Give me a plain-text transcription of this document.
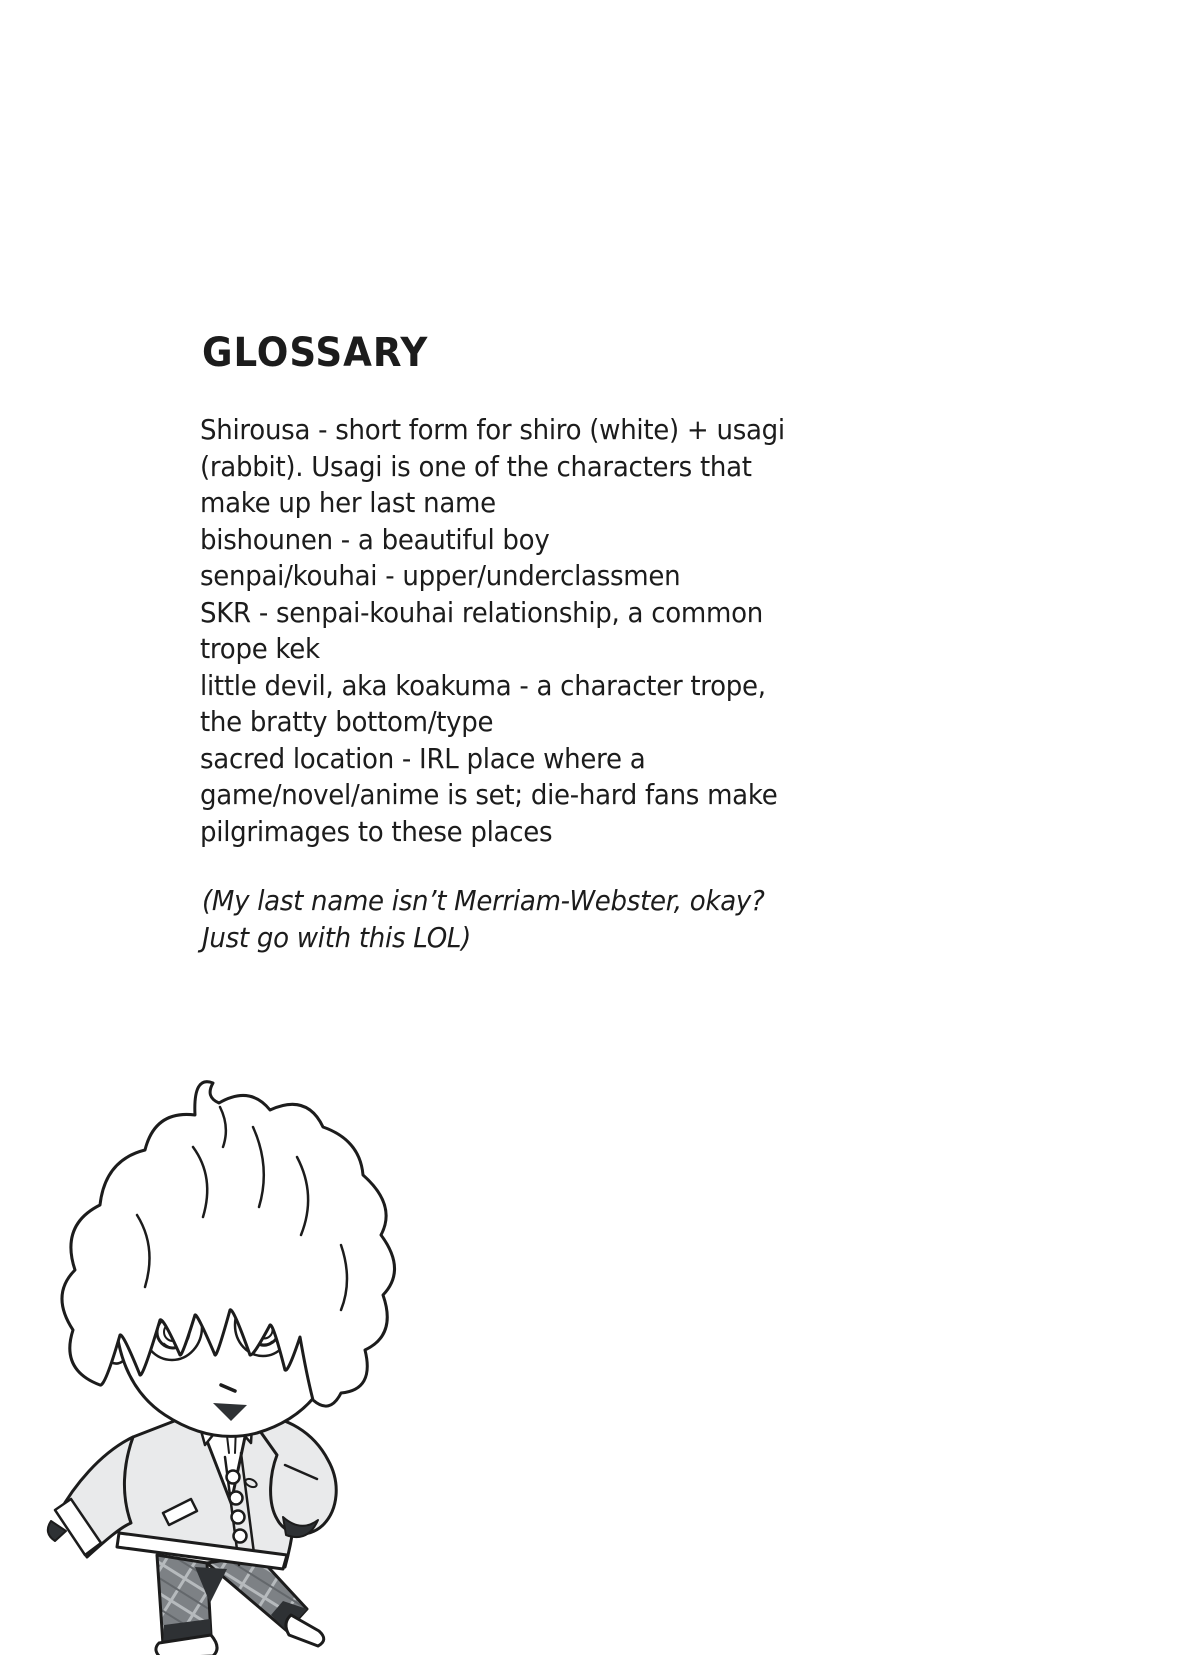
GLOSSARY
Shirousa - short form for shiro (white) + usagi
(rabbit). Usagi is one of the characters that
make up her last name
bishounen - a beautiful boy
senpai/kouhai - upper/underclassmen
SKR - senpai-kouhai relationship, a common
trope kek
little devil, aka koakuma - a character trope,
the bratty bottom/type
sacred location - IRL place where a
game/novel/anime is set; die-hard fans make
pilgrimages to these places
(My last name isn’t Merriam-Webster, okay?
Just go with this LOL)
